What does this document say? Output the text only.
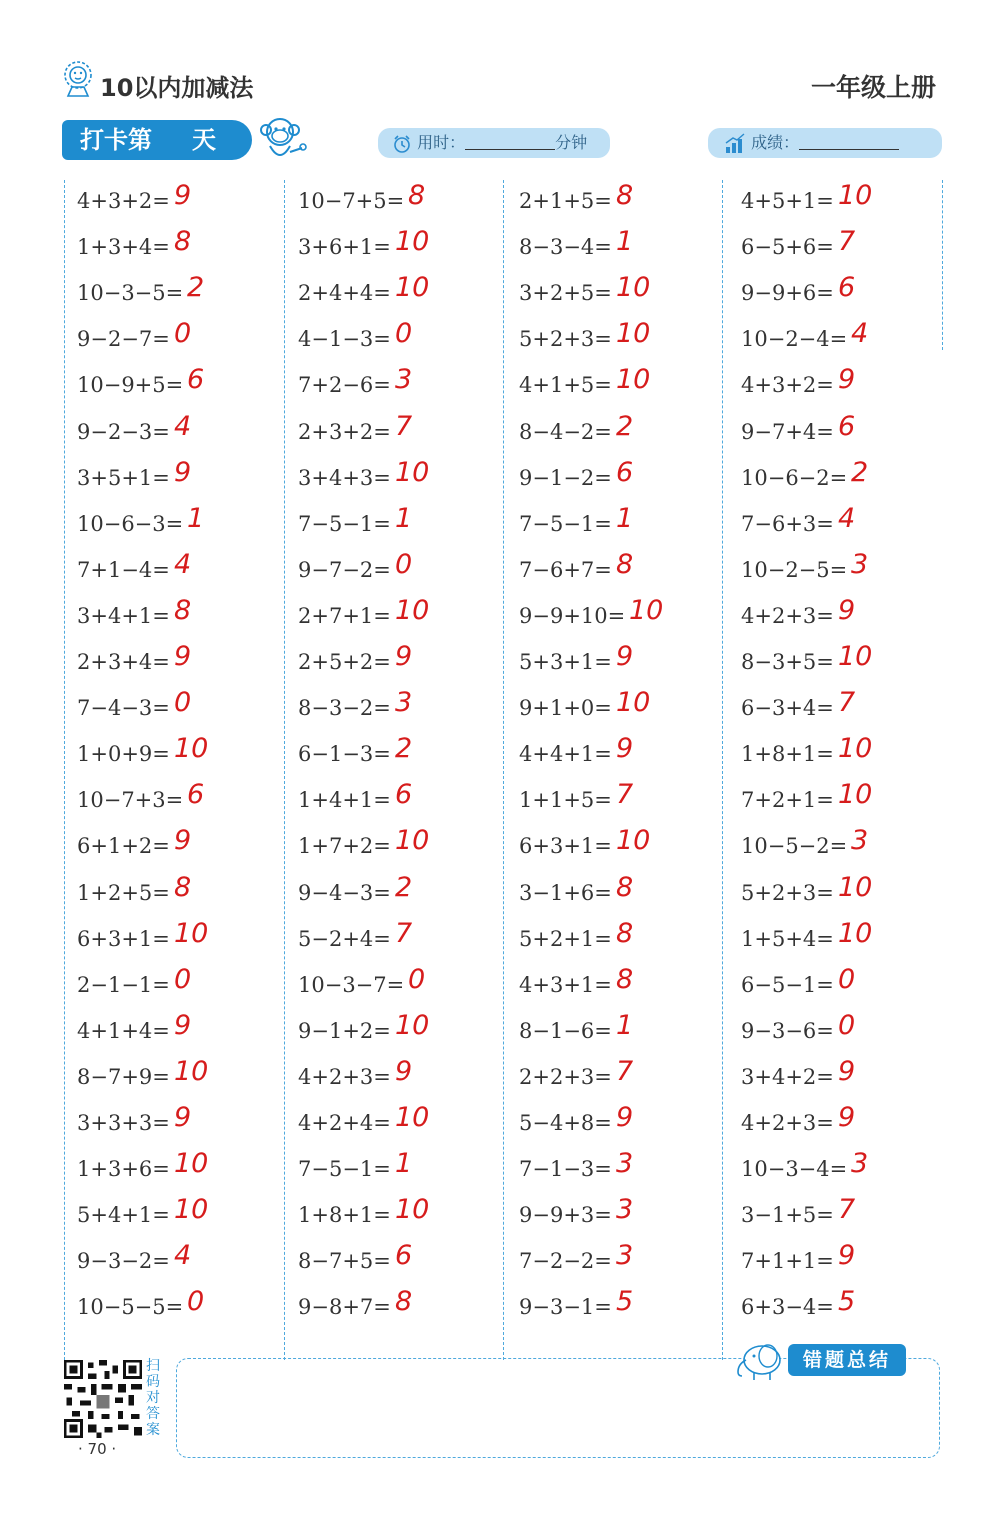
10以内加减法	一年级上册
打卡第 天	用时：	分钟	成绩：
4+3+2= 9
1+3+4= 8
10−3−5= 2
9−2−7= 0
10−9+5= 6
9−2−3= 4
3+5+1= 9
10−6−3= 1
7+1−4= 4
3+4+1= 8
2+3+4= 9
7−4−3= 0
1+0+9= 10
10−7+3= 6
6+1+2= 9
1+2+5= 8
6+3+1= 10
2−1−1= 0
4+1+4= 9
8−7+9= 10
3+3+3= 9
1+3+6= 10
5+4+1= 10
9−3−2= 4
10−5−5= 0
10−7+5= 8
3+6+1= 10
2+4+4= 10
4−1−3= 0
7+2−6= 3
2+3+2= 7
3+4+3= 10
7−5−1= 1
9−7−2= 0
2+7+1= 10
2+5+2= 9
8−3−2= 3
6−1−3= 2
1+4+1= 6
1+7+2= 10
9−4−3= 2
5−2+4= 7
10−3−7= 0
9−1+2= 10
4+2+3= 9
4+2+4= 10
7−5−1= 1
1+8+1= 10
8−7+5= 6
9−8+7= 8
2+1+5= 8
8−3−4= 1
3+2+5= 10
5+2+3= 10
4+1+5= 10
8−4−2= 2
9−1−2= 6
7−5−1= 1
7−6+7= 8
9−9+10= 10
5+3+1= 9
9+1+0= 10
4+4+1= 9
1+1+5= 7
6+3+1= 10
3−1+6= 8
5+2+1= 8
4+3+1= 8
8−1−6= 1
2+2+3= 7
5−4+8= 9
7−1−3= 3
9−9+3= 3
7−2−2= 3
9−3−1= 5
4+5+1= 10
6−5+6= 7
9−9+6= 6
10−2−4= 4
4+3+2= 9
9−7+4= 6
10−6−2= 2
7−6+3= 4
10−2−5= 3
4+2+3= 9
8−3+5= 10
6−3+4= 7
1+8+1= 10
7+2+1= 10
10−5−2= 3
5+2+3= 10
1+5+4= 10
6−5−1= 0
9−3−6= 0
3+4+2= 9
4+2+3= 9
10−3−4= 3
3−1+5= 7
7+1+1= 9
6+3−4= 5
扫码对答案
· 70 ·
错题总结
